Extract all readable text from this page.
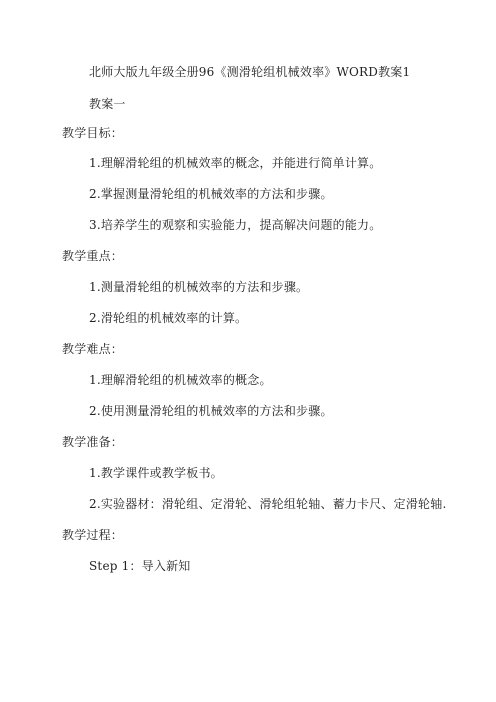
北师大版九年级全册96《测滑轮组机械效率》WORD教案1
教案一
教学目标：
1.理解滑轮组的机械效率的概念，并能进行简单计算。
2.掌握测量滑轮组的机械效率的方法和步骤。
3.培养学生的观察和实验能力，提高解决问题的能力。
教学重点：
1.测量滑轮组的机械效率的方法和步骤。
2.滑轮组的机械效率的计算。
教学难点：
1.理解滑轮组的机械效率的概念。
2.使用测量滑轮组的机械效率的方法和步骤。
教学准备：
1.教学课件或教学板书。
2.实验器材：滑轮组、定滑轮、滑轮组轮轴、蓄力卡尺、定滑轮轴.
教学过程：
Step 1：导入新知
